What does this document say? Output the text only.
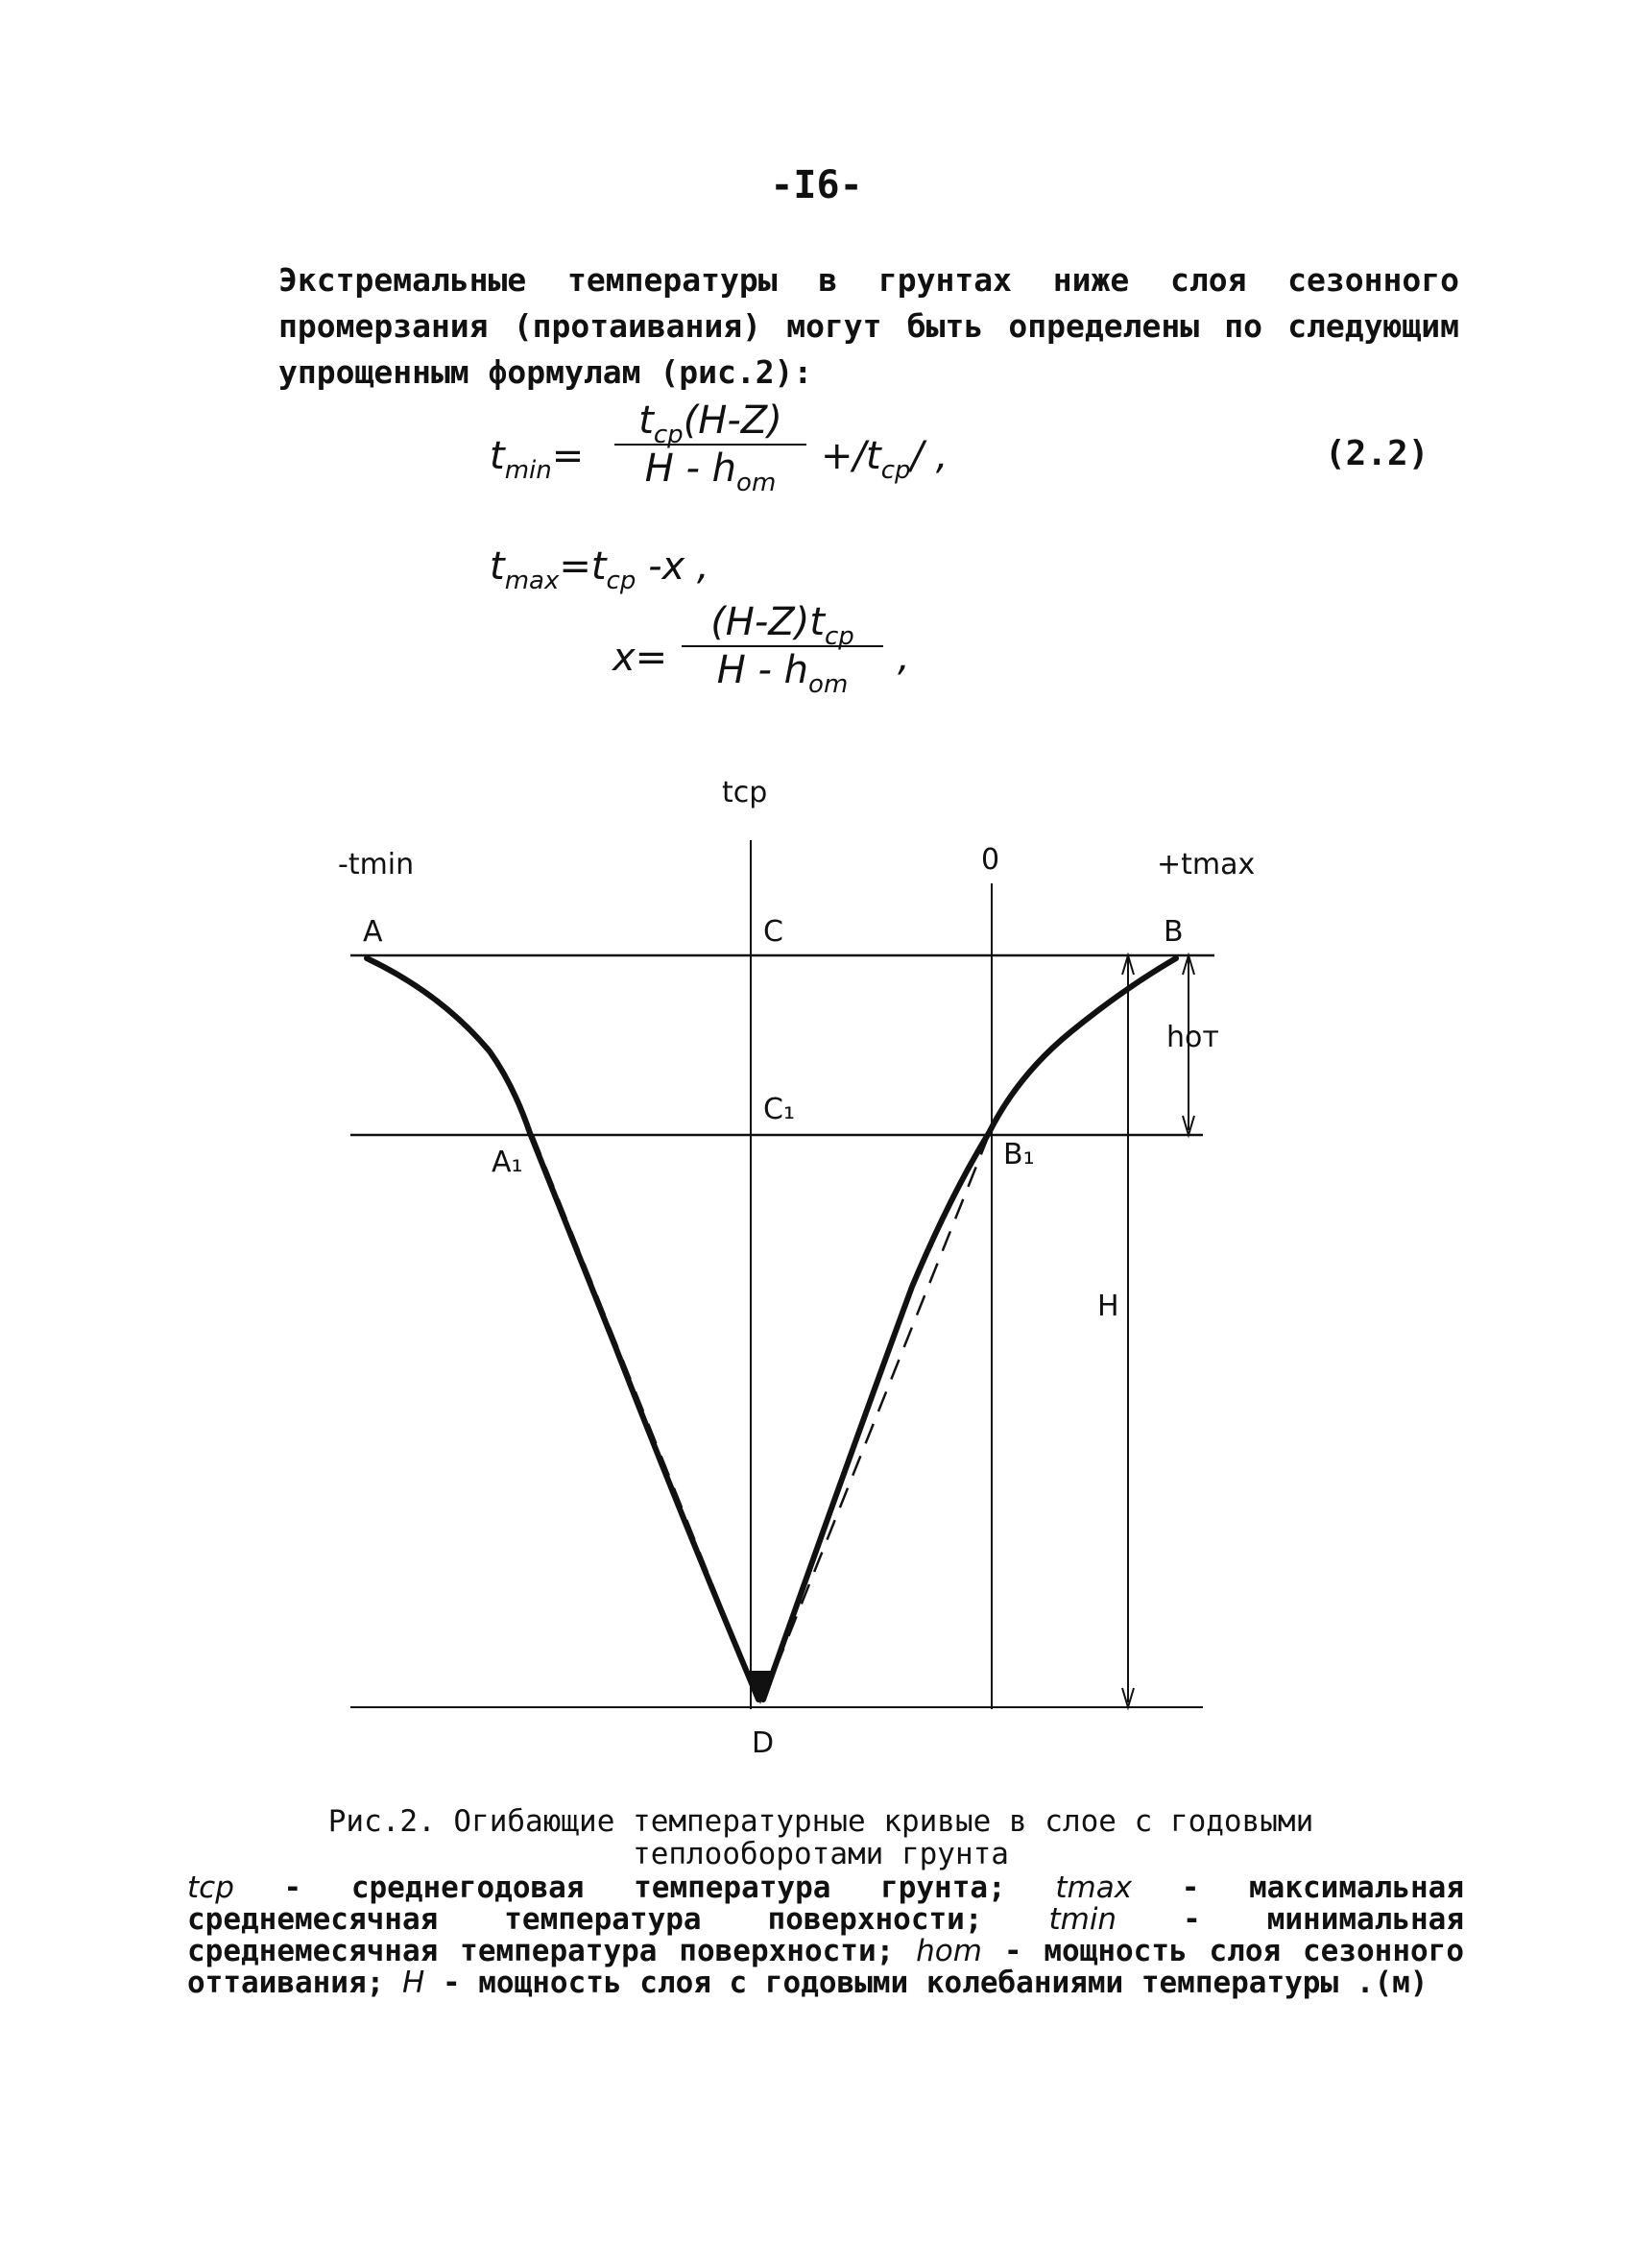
-I6-
Экстремальные температуры в грунтах ниже слоя сезонного промерзания (протаивания) могут быть определены по следующим упрощенным формулам (рис.2):
$t_{min}=$
$t_{cp}(H-Z)$
H - $h_{om}$
$+/t_{cp}/$ ,	(2.2)
$t_{max}=t_{cp}$ -x ,
x=
$(H-Z)t_{cp}$
H - $h_{om}$
,
tcp
-tmin	0	+tmax
A	B
C
C₁
A₁	B₁
D
hот
H
Рис.2. Огибающие температурные кривые в слое с годовыми теплооборотами грунта
tcp - среднегодовая температура грунта; tmax - максимальная среднемесячная температура поверхности; tmin - минимальная среднемесячная температура поверхности; hom - мощность слоя сезонного оттаивания; H - мощность слоя с годовыми колебаниями температуры .(м)
